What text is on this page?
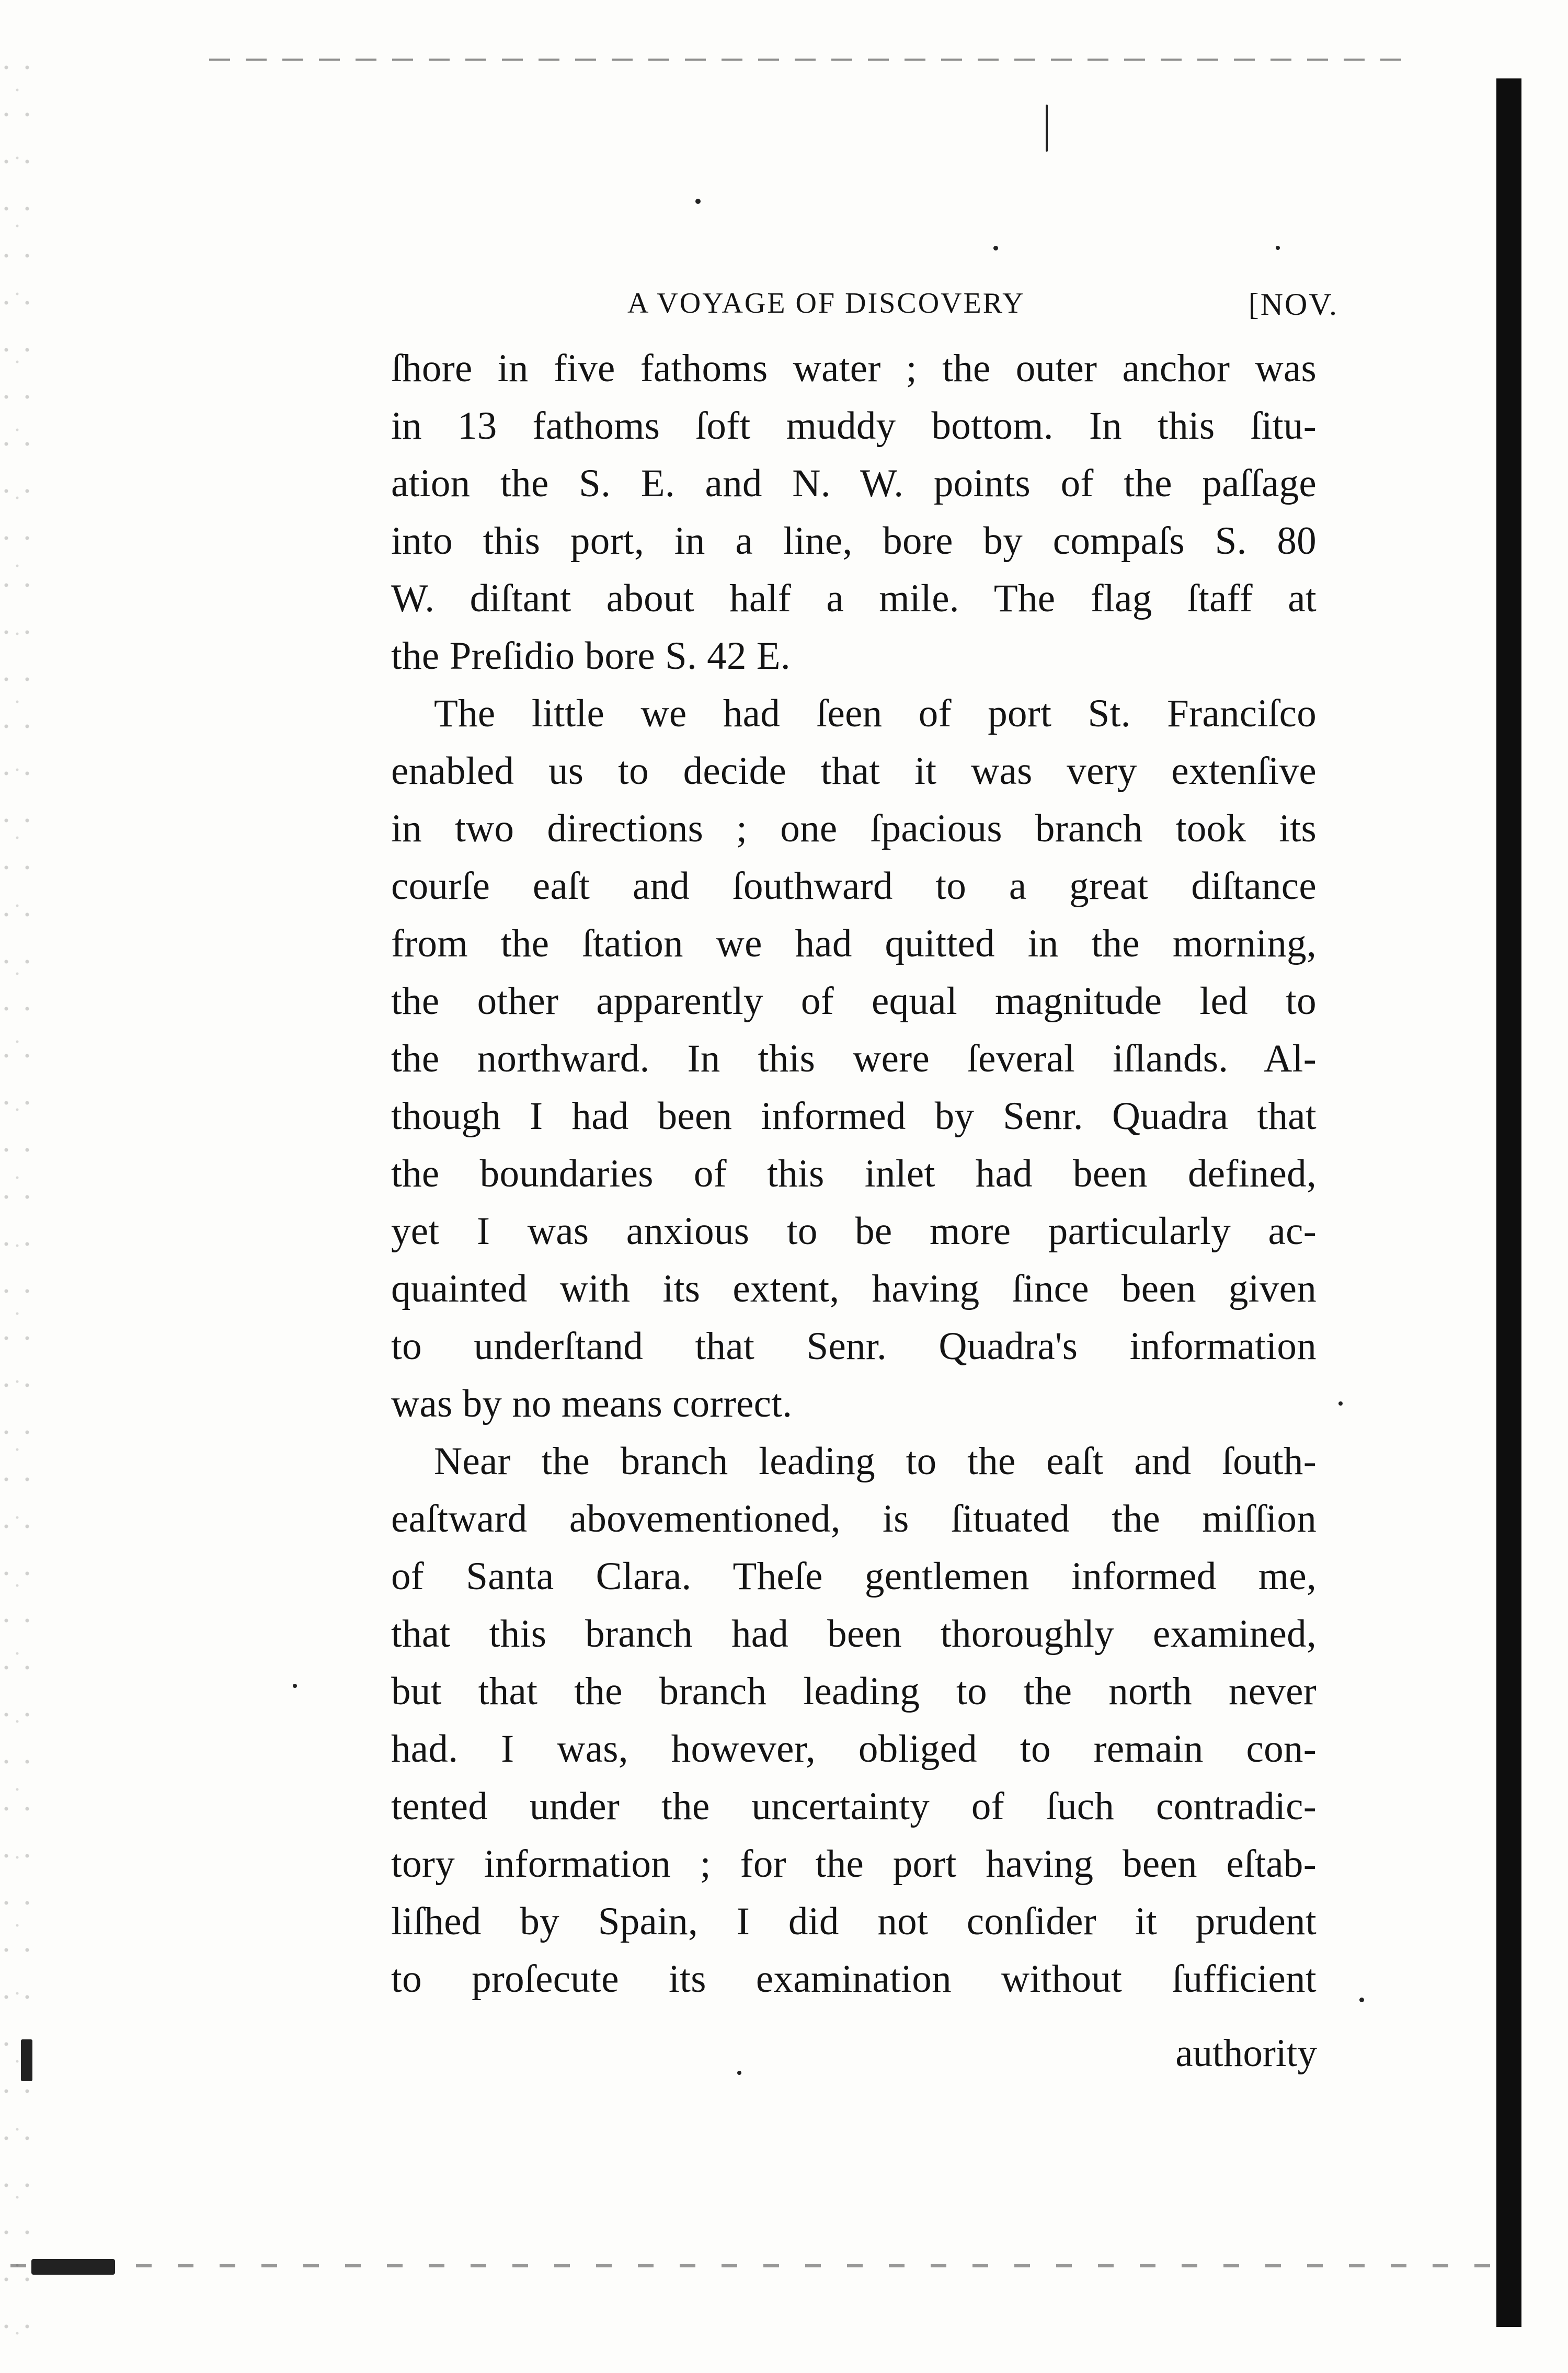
A VOYAGE OF DISCOVERY	[NOV.
ſhore in five fathoms water ; the outer anchor was
in 13 fathoms ſoft muddy bottom. In this ſitu-
ation the S. E. and N. W. points of the paſſage
into this port, in a line, bore by compaſs S. 80
W. diſtant about half a mile. The flag ſtaff at
the Preſidio bore S. 42 E.
The little we had ſeen of port St. Franciſco
enabled us to decide that it was very extenſive
in two directions ; one ſpacious branch took its
courſe eaſt and ſouthward to a great diſtance
from the ſtation we had quitted in the morning,
the other apparently of equal magnitude led to
the northward. In this were ſeveral iſlands. Al-
though I had been informed by Senr. Quadra that
the boundaries of this inlet had been defined,
yet I was anxious to be more particularly ac-
quainted with its extent, having ſince been given
to underſtand that Senr. Quadra's information
was by no means correct.
Near the branch leading to the eaſt and ſouth-
eaſtward abovementioned, is ſituated the miſſion
of Santa Clara. Theſe gentlemen informed me,
that this branch had been thoroughly examined,
but that the branch leading to the north never
had. I was, however, obliged to remain con-
tented under the uncertainty of ſuch contradic-
tory information ; for the port having been eſtab-
liſhed by Spain, I did not conſider it prudent
to proſecute its examination without ſufficient
authority
